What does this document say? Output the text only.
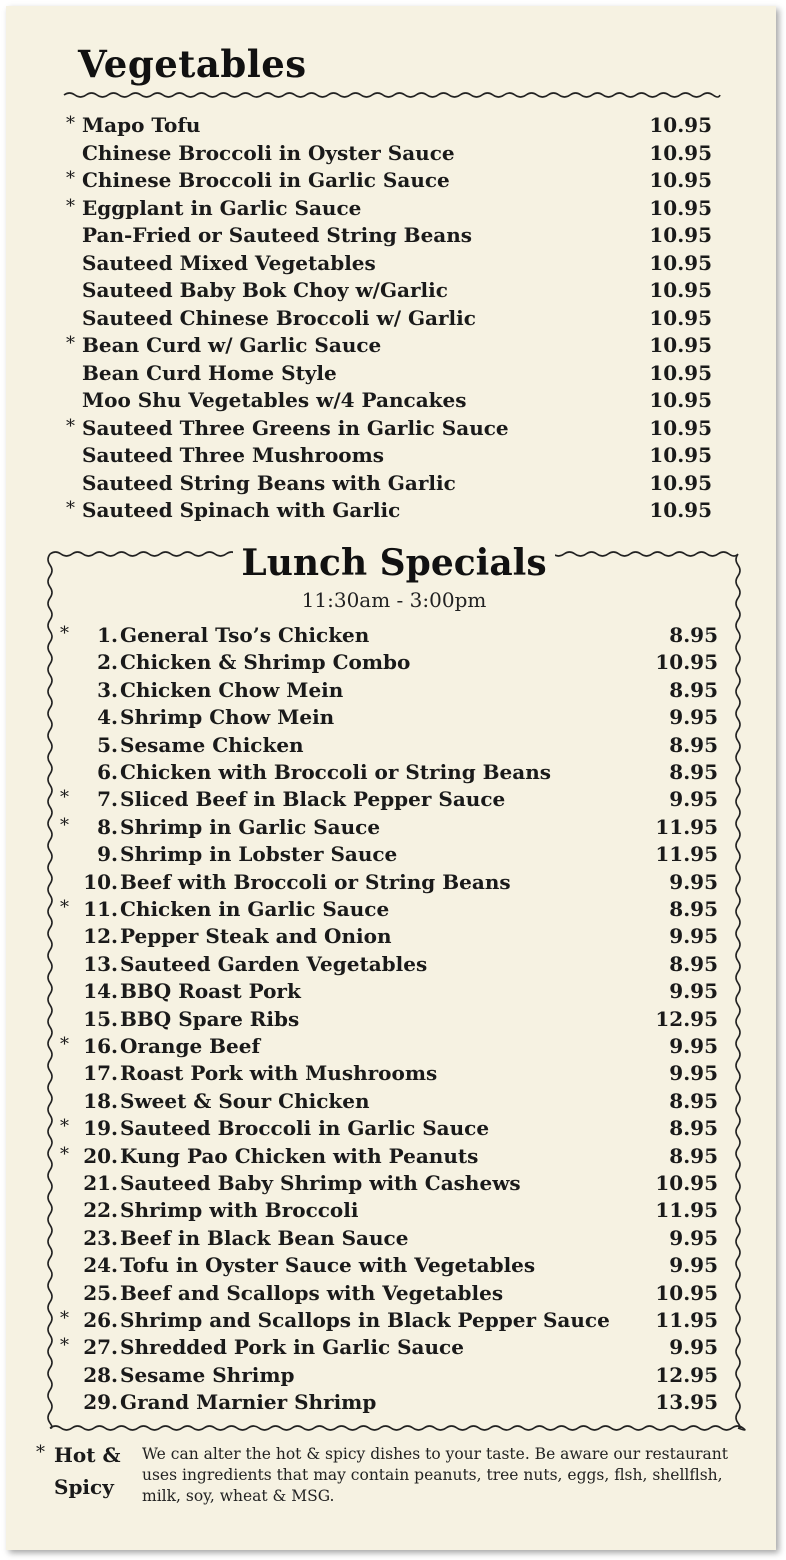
Vegetables
* Mapo Tofu	10.95
Chinese Broccoli in Oyster Sauce	10.95
* Chinese Broccoli in Garlic Sauce	10.95
* Eggplant in Garlic Sauce	10.95
Pan-Fried or Sauteed String Beans	10.95
Sauteed Mixed Vegetables	10.95
Sauteed Baby Bok Choy w/Garlic	10.95
Sauteed Chinese Broccoli w/ Garlic	10.95
* Bean Curd w/ Garlic Sauce	10.95
Bean Curd Home Style	10.95
Moo Shu Vegetables w/4 Pancakes	10.95
* Sauteed Three Greens in Garlic Sauce	10.95
Sauteed Three Mushrooms	10.95
Sauteed String Beans with Garlic	10.95
* Sauteed Spinach with Garlic	10.95
Lunch Specials
11:30am - 3:00pm
* 1. General Tso’s Chicken	8.95
2. Chicken & Shrimp Combo	10.95
3. Chicken Chow Mein	8.95
4. Shrimp Chow Mein	9.95
5. Sesame Chicken	8.95
6. Chicken with Broccoli or String Beans	8.95
* 7. Sliced Beef in Black Pepper Sauce	9.95
* 8. Shrimp in Garlic Sauce	11.95
9. Shrimp in Lobster Sauce	11.95
10. Beef with Broccoli or String Beans	9.95
* 11. Chicken in Garlic Sauce	8.95
12. Pepper Steak and Onion	9.95
13. Sauteed Garden Vegetables	8.95
14. BBQ Roast Pork	9.95
15. BBQ Spare Ribs	12.95
* 16. Orange Beef	9.95
17. Roast Pork with Mushrooms	9.95
18. Sweet & Sour Chicken	8.95
* 19. Sauteed Broccoli in Garlic Sauce	8.95
* 20. Kung Pao Chicken with Peanuts	8.95
21. Sauteed Baby Shrimp with Cashews	10.95
22. Shrimp with Broccoli	11.95
23. Beef in Black Bean Sauce	9.95
24. Tofu in Oyster Sauce with Vegetables	9.95
25. Beef and Scallops with Vegetables	10.95
* 26. Shrimp and Scallops in Black Pepper Sauce 11.95
* 27. Shredded Pork in Garlic Sauce	9.95
28. Sesame Shrimp	12.95
29. Grand Marnier Shrimp	13.95
* Hot &
Spicy
We can alter the hot & spicy dishes to your taste. Be aware our restaurant uses ingredients that may contain peanuts, tree nuts, eggs, flsh, shellflsh, milk, soy, wheat & MSG.
